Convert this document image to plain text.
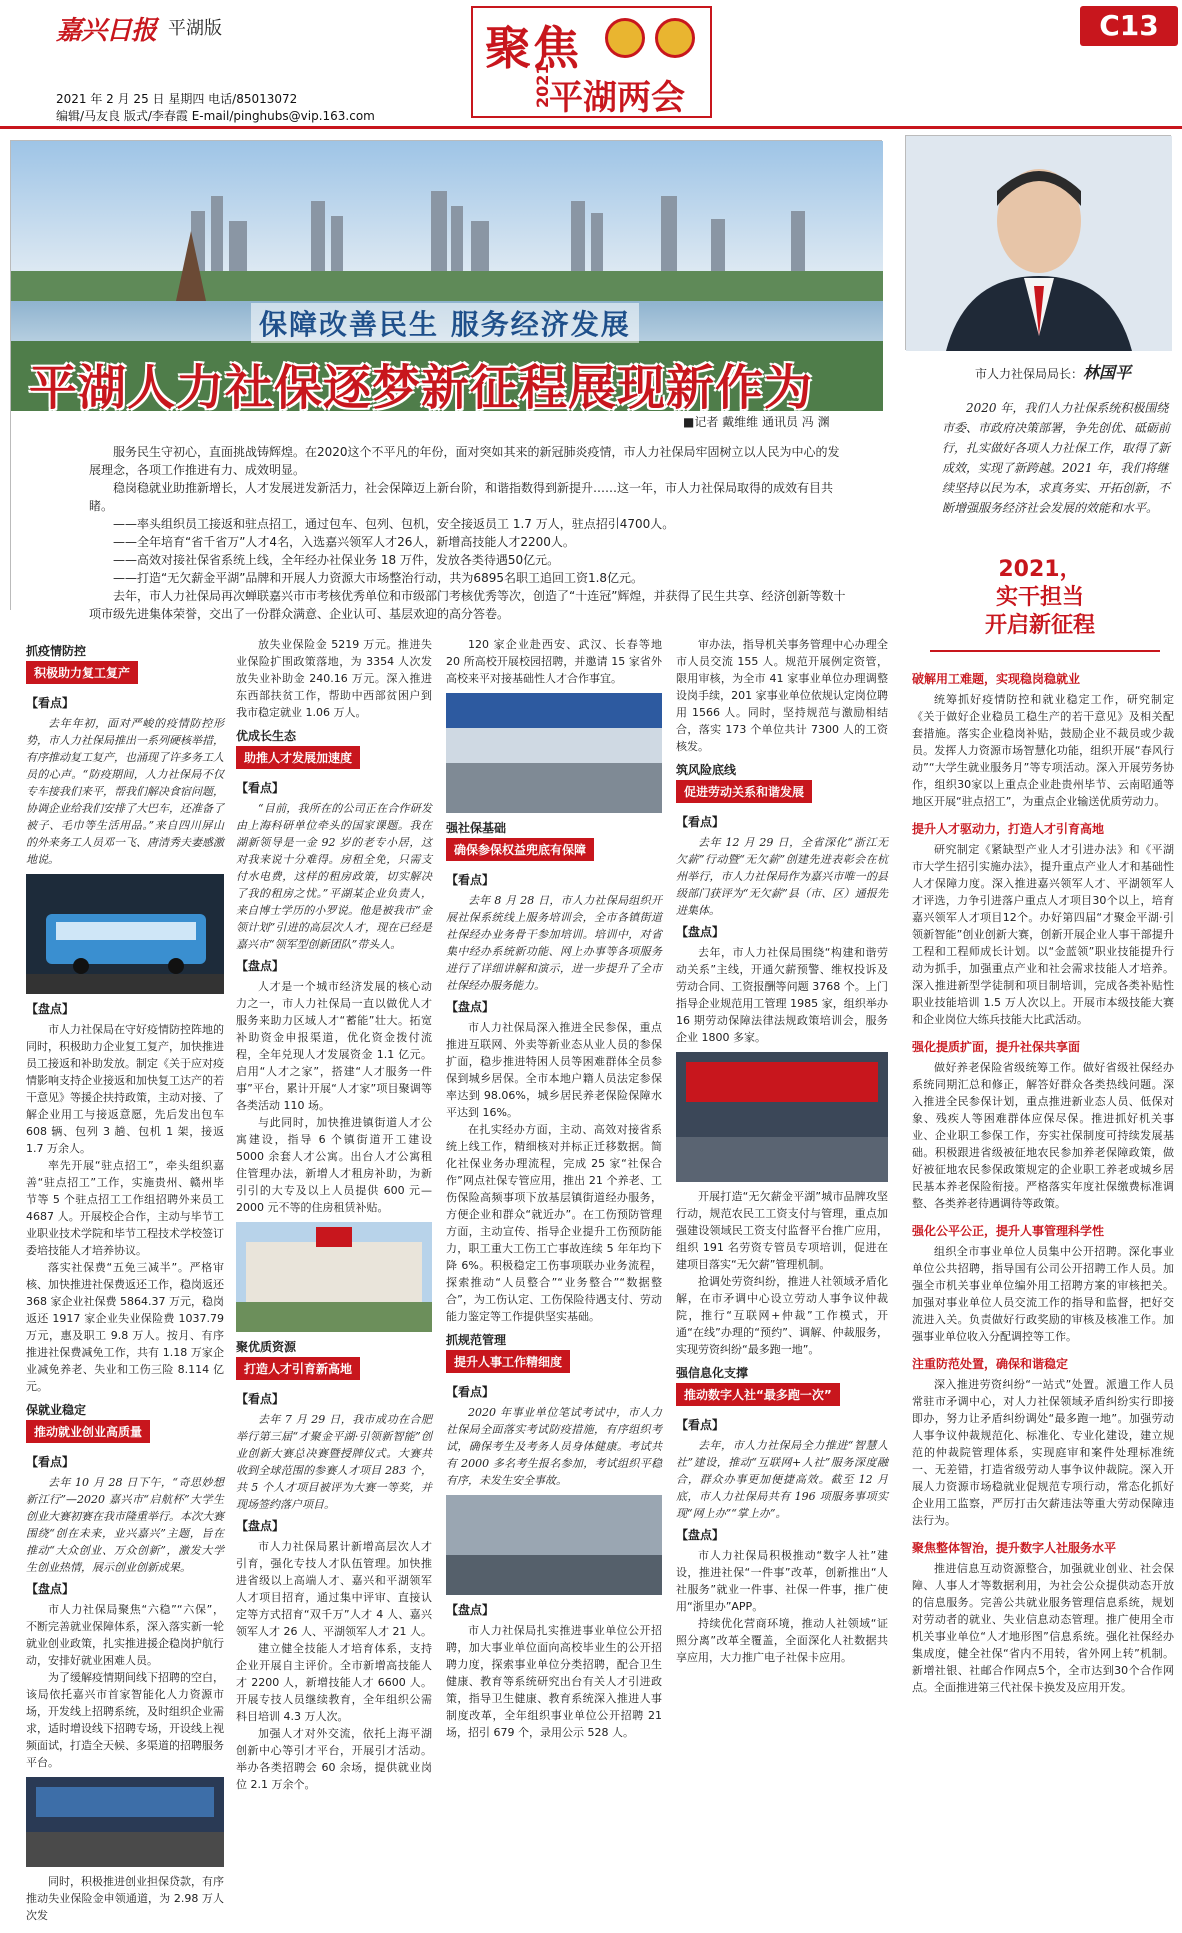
嘉兴日报 平湖版
2021 年 2 月 25 日 星期四 电话/85013072
编辑/马友良 版式/李春霞 E-mail/pinghubs@vip.163.com
聚焦
2021
平湖两会
C13
保障改善民生 服务经济发展
平湖人力社保逐梦新征程展现新作为
■记者 戴维维 通讯员 冯 渊

服务民生守初心，直面挑战铸辉煌。在2020这个不平凡的年份，面对突如其来的新冠肺炎疫情，市人力社保局牢固树立以人民为中心的发展理念，各项工作推进有力、成效明显。

稳岗稳就业助推新增长，人才发展迸发新活力，社会保障迈上新台阶，和谐指数得到新提升……这一年，市人力社保局取得的成效有目共睹。

——率头组织员工接返和驻点招工，通过包车、包列、包机，安全接返员工 1.7 万人，驻点招引4700人。

——全年培育“省千省万”人才4名，入选嘉兴领军人才26人，新增高技能人才2200人。

——高效对接社保省系统上线，全年经办社保业务 18 万件，发放各类待遇50亿元。

——打造“无欠薪金平湖”品牌和开展人力资源大市场整治行动，共为6895名职工追回工资1.8亿元。

去年，市人力社保局再次蝉联嘉兴市市考核优秀单位和市级部门考核优秀等次，创造了“十连冠”辉煌，并获得了民生共享、经济创新等数十项市级先进集体荣誉，交出了一份群众满意、企业认可、基层欢迎的高分答卷。

市人力社保局局长：林国平
2020 年，我们人力社保系统积极围绕市委、市政府决策部署，争先创优、砥砺前行，扎实做好各项人力社保工作，取得了新成效，实现了新跨越。2021 年，我们将继续坚持以民为本，求真务实、开拓创新，不断增强服务经济社会发展的效能和水平。
2021，
实干担当
开启新征程
破解用工难题，实现稳岗稳就业

统筹抓好疫情防控和就业稳定工作，研究制定《关于做好企业稳员工稳生产的若干意见》及相关配套措施。落实企业稳岗补贴，鼓励企业不裁员或少裁员。发挥人力资源市场智慧化功能，组织开展“春风行动”“大学生就业服务月”等专项活动。深入开展劳务协作，组织30家以上重点企业赴贵州毕节、云南昭通等地区开展“驻点招工”，为重点企业输送优质劳动力。

提升人才驱动力，打造人才引育高地

研究制定《紧缺型产业人才引进办法》和《平湖市大学生招引实施办法》，提升重点产业人才和基础性人才保障力度。深入推进嘉兴领军人才、平湖领军人才评选，力争引进落户重点人才项目30个以上，培育嘉兴领军人才项目12个。办好第四届“才聚金平湖·引领新智能”创业创新大赛，创新开展企业人事干部提升工程和工程师成长计划。以“金蓝领”职业技能提升行动为抓手，加强重点产业和社会需求技能人才培养。深入推进新型学徒制和项目制培训，完成各类补贴性职业技能培训 1.5 万人次以上。开展市本级技能大赛和企业岗位大练兵技能大比武活动。

强化提质扩面，提升社保共享面

做好养老保险省级统筹工作。做好省级社保经办系统同期汇总和修正，解答好群众各类热线问题。深入推进全民参保计划，重点推进新业态人员、低保对象、残疾人等困难群体应保尽保。推进抓好机关事业、企业职工参保工作，夯实社保制度可持续发展基础。积极跟进省级被征地农民参加养老保障政策，做好被征地农民参保政策规定的企业职工养老或城乡居民基本养老保险衔接。严格落实年度社保缴费标准调整、各类养老待遇调待等政策。

强化公平公正，提升人事管理科学性

组织全市事业单位人员集中公开招聘。深化事业单位公共招聘，指导国有公司公开招聘工作人员。加强全市机关事业单位编外用工招聘方案的审核把关。加强对事业单位人员交流工作的指导和监督，把好交流进入关。负责做好行政奖励的审核及核准工作。加强事业单位收入分配调控等工作。

注重防范处置，确保和谐稳定

深入推进劳资纠纷“一站式”处置。派遣工作人员常驻市矛调中心，对人力社保领域矛盾纠纷实行即接即办，努力让矛盾纠纷调处“最多跑一地”。加强劳动人事争议仲裁规范化、标准化、专业化建设，建立规范的仲裁院管理体系，实现庭审和案件处理标准统一、无差错，打造省级劳动人事争议仲裁院。深入开展人力资源市场稳就业促规范专项行动，常态化抓好企业用工监察，严厉打击欠薪违法等重大劳动保障违法行为。

聚焦整体智治，提升数字人社服务水平

推进信息互动资源整合，加强就业创业、社会保障、人事人才等数据利用，为社会公众提供动态开放的信息服务。完善公共就业服务管理信息系统，规划对劳动者的就业、失业信息动态管理。推广使用全市机关事业单位“人才地形图”信息系统。强化社保经办集成度，健全社保“省内不用转，省外网上转”机制。新增社银、社邮合作网点5个，全市达到30个合作网点。全面推进第三代社保卡换发及应用开发。

抓疫情防控
积极助力复工复产
【看点】

去年年初，面对严峻的疫情防控形势，市人力社保局推出一系列硬核举措，有序推动复工复产，也涌现了许多务工人员的心声。“防疫期间，人力社保局不仅专车接我们来平，帮我们解决食宿问题，协调企业给我们安排了大巴车，还准备了被子、毛巾等生活用品。”来自四川屏山的外来务工人员邓一飞、唐清秀夫妻感激地说。

【盘点】

市人力社保局在守好疫情防控阵地的同时，积极助力企业复工复产，加快推进员工接返和补助发放。制定《关于应对疫情影响支持企业接返和加快复工达产的若干意见》等援企扶持政策，主动对接、了解企业用工与接返意愿，先后发出包车 608 辆、包列 3 趟、包机 1 架，接返 1.7 万余人。

率先开展“驻点招工”，牵头组织嘉善“驻点招工”工作，实施贵州、赣州毕节等 5 个驻点招工工作组招聘外来员工 4687 人。开展校企合作，主动与毕节工业职业技术学院和毕节工程技术学校签订委培技能人才培养协议。

落实社保费“五免三减半”。严格审核、加快推进社保费返还工作，稳岗返还 368 家企业社保费 5864.37 万元，稳岗返还 1917 家企业失业保险费 1037.79 万元，惠及职工 9.8 万人。按月、有序推进社保费减免工作，共有 1.18 万家企业减免养老、失业和工伤三险 8.114 亿元。

保就业稳定
推动就业创业高质量
【看点】

去年 10 月 28 日下午，“奇思妙想新江行”—2020 嘉兴市“启航杯”大学生创业大赛初赛在我市隆重举行。本次大赛围绕“创在未来，业兴嘉兴”主题，旨在推动“大众创业、万众创新”，激发大学生创业热情，展示创业创新成果。

【盘点】

市人力社保局聚焦“六稳”“六保”，不断完善就业保障体系，深入落实新一轮就业创业政策，扎实推进援企稳岗护航行动，安排好就业困难人员。

为了缓解疫情期间线下招聘的空白，该局依托嘉兴市首家智能化人力资源市场，开发线上招聘系统，及时组织企业需求，适时增设线下招聘专场，开设线上视频面试，打造全天候、多渠道的招聘服务平台。

同时，积极推进创业担保贷款，有序推动失业保险金申领通道，为 2.98 万人次发

放失业保险金 5219 万元。推进失业保险扩围政策落地，为 3354 人次发放失业补助金 240.16 万元。深入推进东西部扶贫工作，帮助中西部贫困户到我市稳定就业 1.06 万人。

优成长生态
助推人才发展加速度
【看点】

“目前，我所在的公司正在合作研发由上海科研单位牵头的国家课题。我在湖新领导是一金 92 岁的老专小居，这对我来说十分难得。房租全免，只需支付水电费，这样的租房政策，切实解决了我的租房之忧。”平湖某企业负责人，来自博士学历的小罗说。他是被我市“金领计划”引进的高层次人才，现在已经是嘉兴市“领军型创新团队”带头人。

【盘点】

人才是一个城市经济发展的核心动力之一，市人力社保局一直以做优人才服务来助力区域人才“蓄能”壮大。拓宽补助资金申报渠道，优化资金拨付流程，全年兑现人才发展资金 1.1 亿元。启用“人才之家”，搭建“人才服务一件事”平台，累计开展“人才家”项目聚调等各类活动 110 场。

与此同时，加快推进镇街道人才公寓建设，指导 6 个镇街道开工建设 5000 余套人才公寓。出台人才公寓租住管理办法，新增人才租房补助，为新引引的大专及以上人员提供 600 元—2000 元不等的住房租赁补贴。

聚优质资源
打造人才引育新高地
【看点】

去年 7 月 29 日，我市成功在合肥举行第三届“才聚金平湖·引领新智能”创业创新大赛总决赛暨授牌仪式。大赛共收到全球范围的参赛人才项目 283 个，共 5 个人才项目被评为大赛一等奖，并现场签约落户项目。

【盘点】

市人力社保局累计新增高层次人才引育，强化专技人才队伍管理。加快推进省级以上高端人才、嘉兴和平湖领军人才项目招育，通过集中评审、直接认定等方式招育“双千万”人才 4 人、嘉兴领军人才 26 人、平湖领军人才 21 人。

建立健全技能人才培育体系，支持企业开展自主评价。全市新增高技能人才 2200 人，新增技能人才 6600 人。开展专技人员继续教育，全年组织公需科目培训 4.3 万人次。

加强人才对外交流，依托上海平湖创新中心等引才平台，开展引才活动。举办各类招聘会 60 余场，提供就业岗位 2.1 万余个。

120 家企业赴西安、武汉、长春等地 20 所高校开展校园招聘，并邀请 15 家省外高校来平对接基础性人才合作事宜。

强社保基础
确保参保权益兜底有保障
【看点】

去年 8 月 28 日，市人力社保局组织开展社保系统线上服务培训会，全市各镇街道社保经办业务骨干参加培训。培训中，对省集中经办系统新功能、网上办事等各项服务进行了详细讲解和演示，进一步提升了全市社保经办服务能力。

【盘点】

市人力社保局深入推进全民参保，重点推进互联网、外卖等新业态从业人员的参保扩面，稳步推进特困人员等困难群体全员参保到城乡居保。全市本地户籍人员法定参保率达到 98.06%，城乡居民养老保险保障水平达到 16%。

在扎实经办方面，主动、高效对接省系统上线工作，精细核对并标正迁移数据。简化社保业务办理流程，完成 25 家“社保合作”网点社保专管应用，推出 21 个养老、工伤保险高频事项下放基层镇街道经办服务，方便企业和群众“就近办”。在工伤预防管理方面，主动宣传、指导企业提升工伤预防能力，职工重大工伤工亡事故连续 5 年年均下降 6%。积极稳定工伤事项联办业务流程，探索推动“人员整合”“业务整合”“数据整合”，为工伤认定、工伤保险待遇支付、劳动能力鉴定等工作提供坚实基础。

抓规范管理
提升人事工作精细度
【看点】

2020 年事业单位笔试考试中，市人力社保局全面落实考试防疫措施，有序组织考试，确保考生及考务人员身体健康。考试共有 2000 多名考生报名参加，考试组织平稳有序，未发生安全事故。

【盘点】

市人力社保局扎实推进事业单位公开招聘，加大事业单位面向高校毕业生的公开招聘力度，探索事业单位分类招聘，配合卫生健康、教育等系统研究出台有关人才引进政策，指导卫生健康、教育系统深入推进人事制度改革，全年组织事业单位公开招聘 21 场，招引 679 个，录用公示 528 人。

审办法，指导机关事务管理中心办理全市人员交流 155 人。规范开展例定资管，限用审核，为全市 41 家事业单位办理调整设岗手续，201 家事业单位依规认定岗位聘用 1566 人。同时，坚持规范与激励相结合，落实 173 个单位共计 7300 人的工资核发。

筑风险底线
促进劳动关系和谐发展
【看点】

去年 12 月 29 日，全省深化“浙江无欠薪”行动暨“无欠薪”创建先进表彰会在杭州举行，市人力社保局作为嘉兴市唯一的县级部门获评为“无欠薪”县（市、区）通报先进集体。

【盘点】

去年，市人力社保局围绕“构建和谐劳动关系”主线，开通欠薪预警、维权投诉及劳动合同、工资报酬等问题 3768 个。上门指导企业规范用工管理 1985 家，组织举办 16 期劳动保障法律法规政策培训会，服务企业 1800 多家。

开展打造“无欠薪金平湖”城市品牌攻坚行动，规范农民工工资支付与管理，重点加强建设领域民工资支付监督平台推广应用，组织 191 名劳资专管员专项培训，促进在建项目落实“无欠薪”管理机制。

抢调处劳资纠纷，推进人社领域矛盾化解，在市矛调中心设立劳动人事争议仲裁院，推行“互联网+仲裁”工作模式，开通“在线”办理的“预约”、调解、仲裁服务，实现劳资纠纷“最多跑一地”。

强信息化支撑
推动数字人社“最多跑一次”
【看点】

去年，市人力社保局全力推进“智慧人社”建设，推动“互联网+人社”服务深度融合，群众办事更加便捷高效。截至 12 月底，市人力社保局共有 196 项服务事项实现“网上办”“掌上办”。

【盘点】

市人力社保局积极推动“数字人社”建设，推进社保“一件事”改革，创新推出“人社服务”就业一件事、社保一件事，推广使用“浙里办”APP。

持续优化营商环境，推动人社领域“证照分离”改革全覆盖，全面深化人社数据共享应用，大力推广电子社保卡应用。
